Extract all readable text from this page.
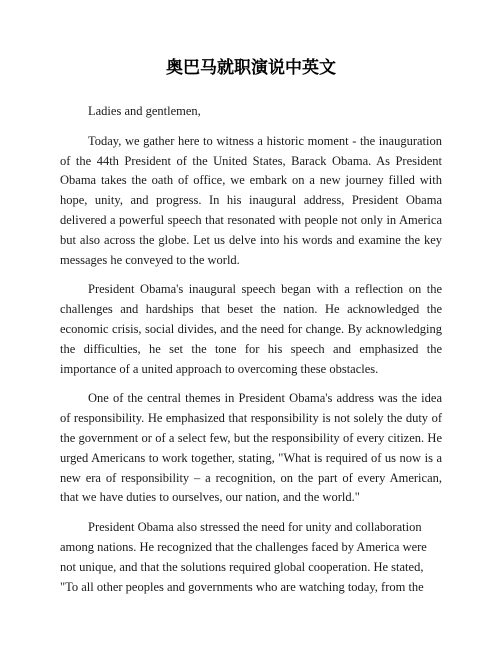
奥巴马就职演说中英文

Ladies and gentlemen,

Today, we gather here to witness a historic moment - the inauguration of the 44th President of the United States, Barack Obama. As President Obama takes the oath of office, we embark on a new journey filled with hope, unity, and progress. In his inaugural address, President Obama delivered a powerful speech that resonated with people not only in America but also across the globe. Let us delve into his words and examine the key messages he conveyed to the world.

President Obama's inaugural speech began with a reflection on the challenges and hardships that beset the nation. He acknowledged the economic crisis, social divides, and the need for change. By acknowledging the difficulties, he set the tone for his speech and emphasized the importance of a united approach to overcoming these obstacles.

One of the central themes in President Obama's address was the idea of responsibility. He emphasized that responsibility is not solely the duty of the government or of a select few, but the responsibility of every citizen. He urged Americans to work together, stating, "What is required of us now is a new era of responsibility – a recognition, on the part of every American, that we have duties to ourselves, our nation, and the world."

President Obama also stressed the need for unity and collaboration among nations. He recognized that the challenges faced by America were not unique, and that the solutions required global cooperation. He stated, "To all other peoples and governments who are watching today, from the
